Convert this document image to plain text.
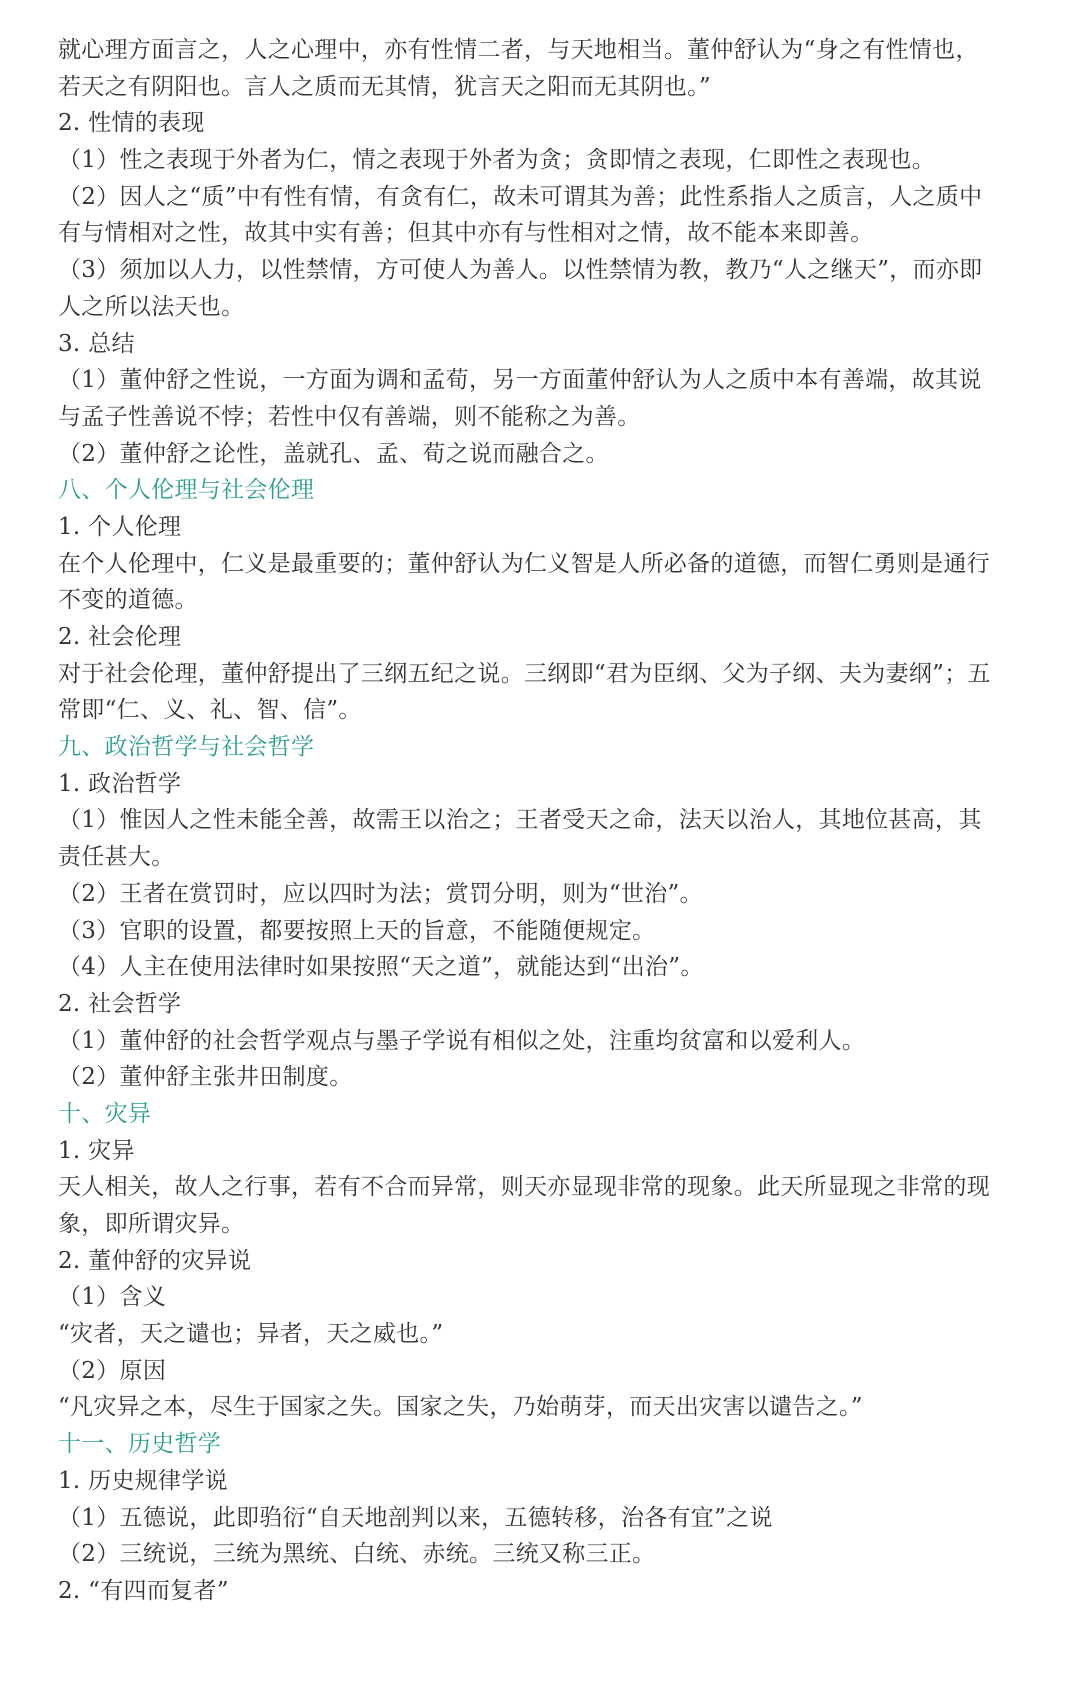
就心理方面言之，人之心理中，亦有性情二者，与天地相当。董仲舒认为“身之有性情也，
若天之有阴阳也。言人之质而无其情，犹言天之阳而无其阴也。”
2. 性情的表现
（1）性之表现于外者为仁，情之表现于外者为贪；贪即情之表现，仁即性之表现也。
（2）因人之“质”中有性有情，有贪有仁，故未可谓其为善；此性系指人之质言，人之质中
有与情相对之性，故其中实有善；但其中亦有与性相对之情，故不能本来即善。
（3）须加以人力，以性禁情，方可使人为善人。以性禁情为教，教乃“人之继天”，而亦即
人之所以法天也。
3. 总结
（1）董仲舒之性说，一方面为调和孟荀，另一方面董仲舒认为人之质中本有善端，故其说
与孟子性善说不悖；若性中仅有善端，则不能称之为善。
（2）董仲舒之论性，盖就孔、孟、荀之说而融合之。
八、个人伦理与社会伦理
1. 个人伦理
在个人伦理中，仁义是最重要的；董仲舒认为仁义智是人所必备的道德，而智仁勇则是通行
不变的道德。
2. 社会伦理
对于社会伦理，董仲舒提出了三纲五纪之说。三纲即“君为臣纲、父为子纲、夫为妻纲”；五
常即“仁、义、礼、智、信”。
九、政治哲学与社会哲学
1. 政治哲学
（1）惟因人之性未能全善，故需王以治之；王者受天之命，法天以治人，其地位甚高，其
责任甚大。
（2）王者在赏罚时，应以四时为法；赏罚分明，则为“世治”。
（3）官职的设置，都要按照上天的旨意，不能随便规定。
（4）人主在使用法律时如果按照“天之道”，就能达到“出治”。
2. 社会哲学
（1）董仲舒的社会哲学观点与墨子学说有相似之处，注重均贫富和以爱利人。
（2）董仲舒主张井田制度。
十、灾异
1. 灾异
天人相关，故人之行事，若有不合而异常，则天亦显现非常的现象。此天所显现之非常的现
象，即所谓灾异。
2. 董仲舒的灾异说
（1）含义
“灾者，天之谴也；异者，天之威也。”
（2）原因
“凡灾异之本，尽生于国家之失。国家之失，乃始萌芽，而天出灾害以谴告之。”
十一、历史哲学
1. 历史规律学说
（1）五德说，此即驺衍“自天地剖判以来，五德转移，治各有宜”之说
（2）三统说，三统为黑统、白统、赤统。三统又称三正。
2. “有四而复者”
